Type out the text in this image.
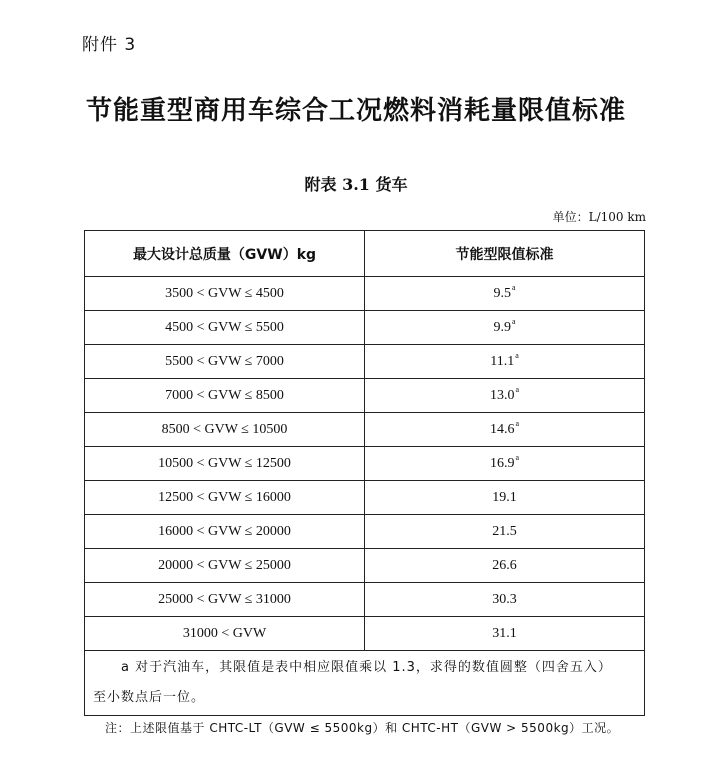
附件 3
节能重型商用车综合工况燃料消耗量限值标准
附表 3.1 货车
单位：L/100 km
最大设计总质量（GVW）kg	节能型限值标准
3500 < GVW ≤ 4500	9.5$^a$
4500 < GVW ≤ 5500	9.9$^a$
5500 < GVW ≤ 7000	11.1$^a$
7000 < GVW ≤ 8500	13.0$^a$
8500 < GVW ≤ 10500	14.6$^a$
10500 < GVW ≤ 12500	16.9$^a$
12500 < GVW ≤ 16000	19.1
16000 < GVW ≤ 20000	21.5
20000 < GVW ≤ 25000	26.6
25000 < GVW ≤ 31000	30.3
31000 < GVW	31.1

a 对于汽油车，其限值是表中相应限值乘以 1.3，求得的数值圆整（四舍五入）
至小数点后一位。	
注：上述限值基于 CHTC-LT（GVW ≤ 5500kg）和 CHTC-HT（GVW > 5500kg）工况。
